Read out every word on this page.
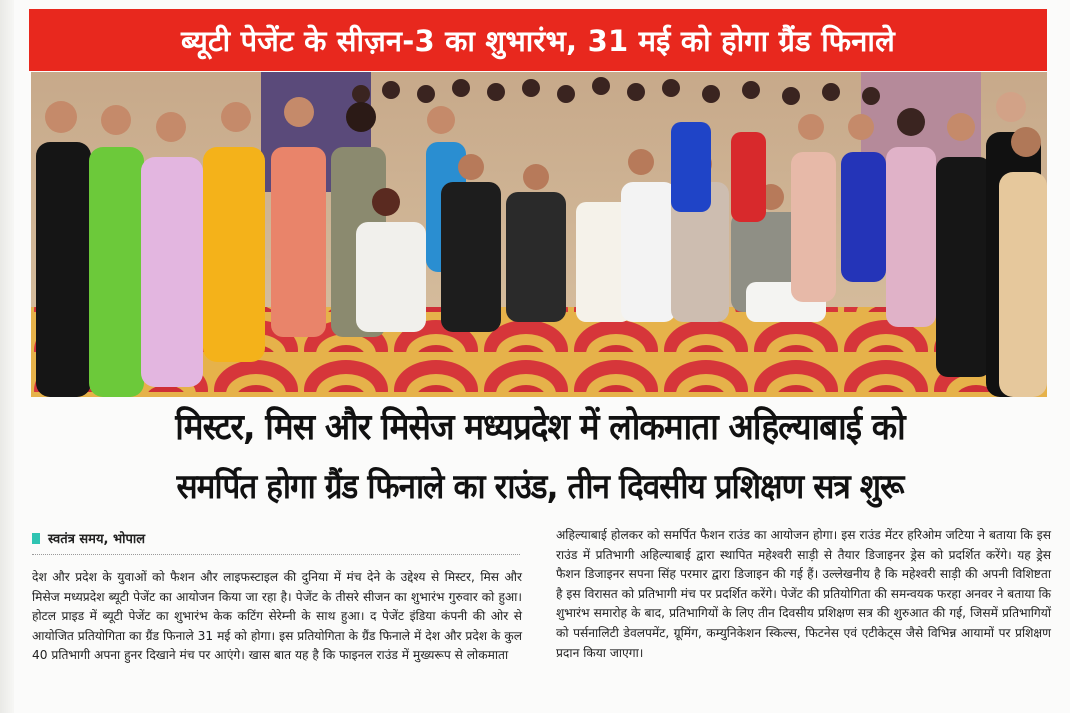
ब्यूटी पेजेंट के सीज़न-3 का शुभारंभ, 31 मई को होगा ग्रैंड फिनाले
मिस्टर, मिस और मिसेज मध्यप्रदेश में लोकमाता अहिल्याबाई को
समर्पित होगा ग्रैंड फिनाले का राउंड, तीन दिवसीय प्रशिक्षण सत्र शुरू
स्वतंत्र समय, भोपाल

देश और प्रदेश के युवाओं को फैशन और लाइफस्टाइल की दुनिया में मंच देने के उद्देश्य से मिस्टर, मिस और मिसेज मध्यप्रदेश ब्यूटी पेजेंट का आयोजन किया जा रहा है। पेजेंट के तीसरे सीजन का शुभारंभ गुरुवार को हुआ। होटल प्राइड में ब्यूटी पेजेंट का शुभारंभ केक कटिंग सेरेम्नी के साथ हुआ। द पेजेंट इंडिया कंपनी की ओर से आयोजित प्रतियोगिता का ग्रैंड फिनाले 31 मई को होगा। इस प्रतियोगिता के ग्रैंड फिनाले में देश और प्रदेश के कुल 40 प्रतिभागी अपना हुनर दिखाने मंच पर आएंगे। खास बात यह है कि फाइनल राउंड में मुख्यरूप से लोकमाता

अहिल्याबाई होलकर को समर्पित फैशन राउंड का आयोजन होगा। इस राउंड मेंटर हरिओम जटिया ने बताया कि इस राउंड में प्रतिभागी अहिल्याबाई द्वारा स्थापित महेश्वरी साड़ी से तैयार डिजाइनर ड्रेस को प्रदर्शित करेंगे। यह ड्रेस फैशन डिजाइनर सपना सिंह परमार द्वारा डिजाइन की गई हैं। उल्लेखनीय है कि महेश्वरी साड़ी की अपनी विशिष्टता है इस विरासत को प्रतिभागी मंच पर प्रदर्शित करेंगे। पेजेंट की प्रतियोगिता की समन्वयक फरहा अनवर ने बताया कि शुभारंभ समारोह के बाद, प्रतिभागियों के लिए तीन दिवसीय प्रशिक्षण सत्र की शुरुआत की गई, जिसमें प्रतिभागियों को पर्सनालिटी डेवलपमेंट, ग्रूमिंग, कम्युनिकेशन स्किल्स, फिटनेस एवं एटीकेट्स जैसे विभिन्न आयामों पर प्रशिक्षण प्रदान किया जाएगा।
